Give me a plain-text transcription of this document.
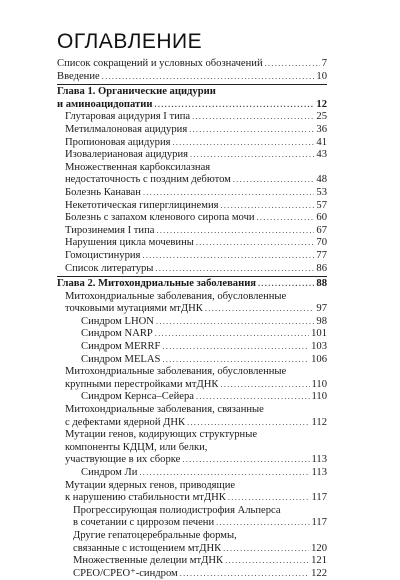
ОГЛАВЛЕНИЕ
Список сокращений и условных обозначений . . .	7
Введение . . .	10
Глава 1. Органические ацидурии
и аминоацидопатии . . .	12
Глутаровая ацидурия I типа . . .	25
Метилмалоновая ацидурия . . .	36
Пропионовая ацидурия . . .	41
Изовалериановая ацидурия . . .	43
Множественная карбоксилазная
недостаточность с поздним дебютом . . .	48
Болезнь Канаван . . .	53
Некетотическая гиперглицинемия . . .	57
Болезнь с запахом кленового сиропа мочи . . .	60
Тирозинемия I типа . . .	67
Нарушения цикла мочевины . . .	70
Гомоцистинурия . . .	77
Список литературы . . .	86
Глава 2. Митохондриальные заболевания . . .	88
Митохондриальные заболевания, обусловленные
точковыми мутациями мтДНК . . .	97
Синдром LHON . . .	98
Синдром NARP . . .	101
Синдром MERRF . . .	103
Синдром MELAS . . .	106
Митохондриальные заболевания, обусловленные
крупными перестройками мтДНК . . .	110
Синдром Кернса–Сейера . . .	110
Митохондриальные заболевания, связанные
с дефектами ядерной ДНК . . .	112
Мутации генов, кодирующих структурные
компоненты КДЦМ, или белки,
участвующие в их сборке . . .	113
Синдром Ли . . .	113
Мутации ядерных генов, приводящие
к нарушению стабильности мтДНК . . .	117
Прогрессирующая полиодистрофия Альперса
в сочетании с циррозом печени . . .	117
Другие гепатоцеребральные формы,
связанные с истощением мтДНК . . .	120
Множественные делеции мтДНК . . .	121
CPEO/CPEO⁺-синдром . . .	122
